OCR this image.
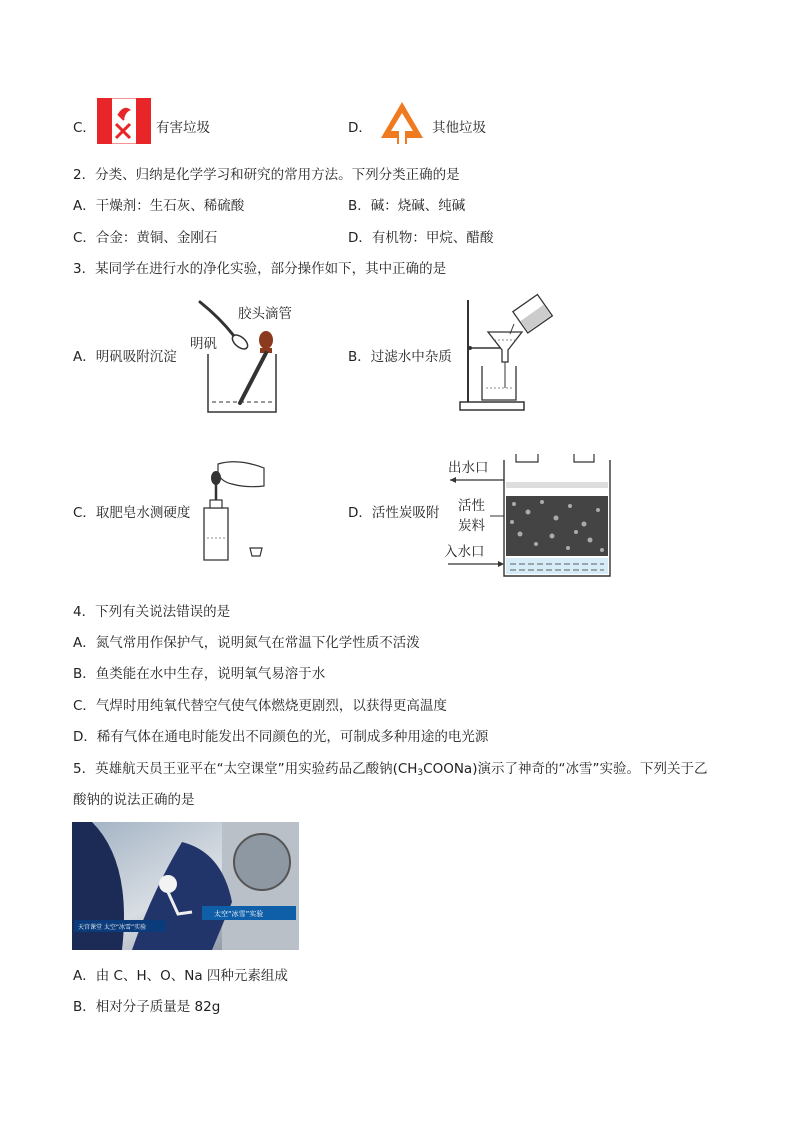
C．	有害垃圾	D．	其他垃圾
2．分类、归纳是化学学习和研究的常用方法。下列分类正确的是
A．干燥剂：生石灰、稀硫酸	B．碱：烧碱、纯碱
C．合金：黄铜、金刚石	D．有机物：甲烷、醋酸
3．某同学在进行水的净化实验，部分操作如下，其中正确的是
A．明矾吸附沉淀
胶头滴管
明矾
B．过滤水中杂质
C．取肥皂水测硬度	D．活性炭吸附
出水口
活性
炭料
入水口
4．下列有关说法错误的是
A．氮气常用作保护气，说明氮气在常温下化学性质不活泼
B．鱼类能在水中生存，说明氧气易溶于水
C．气焊时用纯氧代替空气使气体燃烧更剧烈，以获得更高温度
D．稀有气体在通电时能发出不同颜色的光，可制成多种用途的电光源
5．英雄航天员王亚平在“太空课堂”用实验药品乙酸钠$(CH_3COONa)$演示了神奇的“冰雪”实验。下列关于乙
酸钠的说法正确的是
太空“冰雪”实验
天宫课堂 太空“冰雪”实验
A．由 C、H、O、Na 四种元素组成
B．相对分子质量是 82g
